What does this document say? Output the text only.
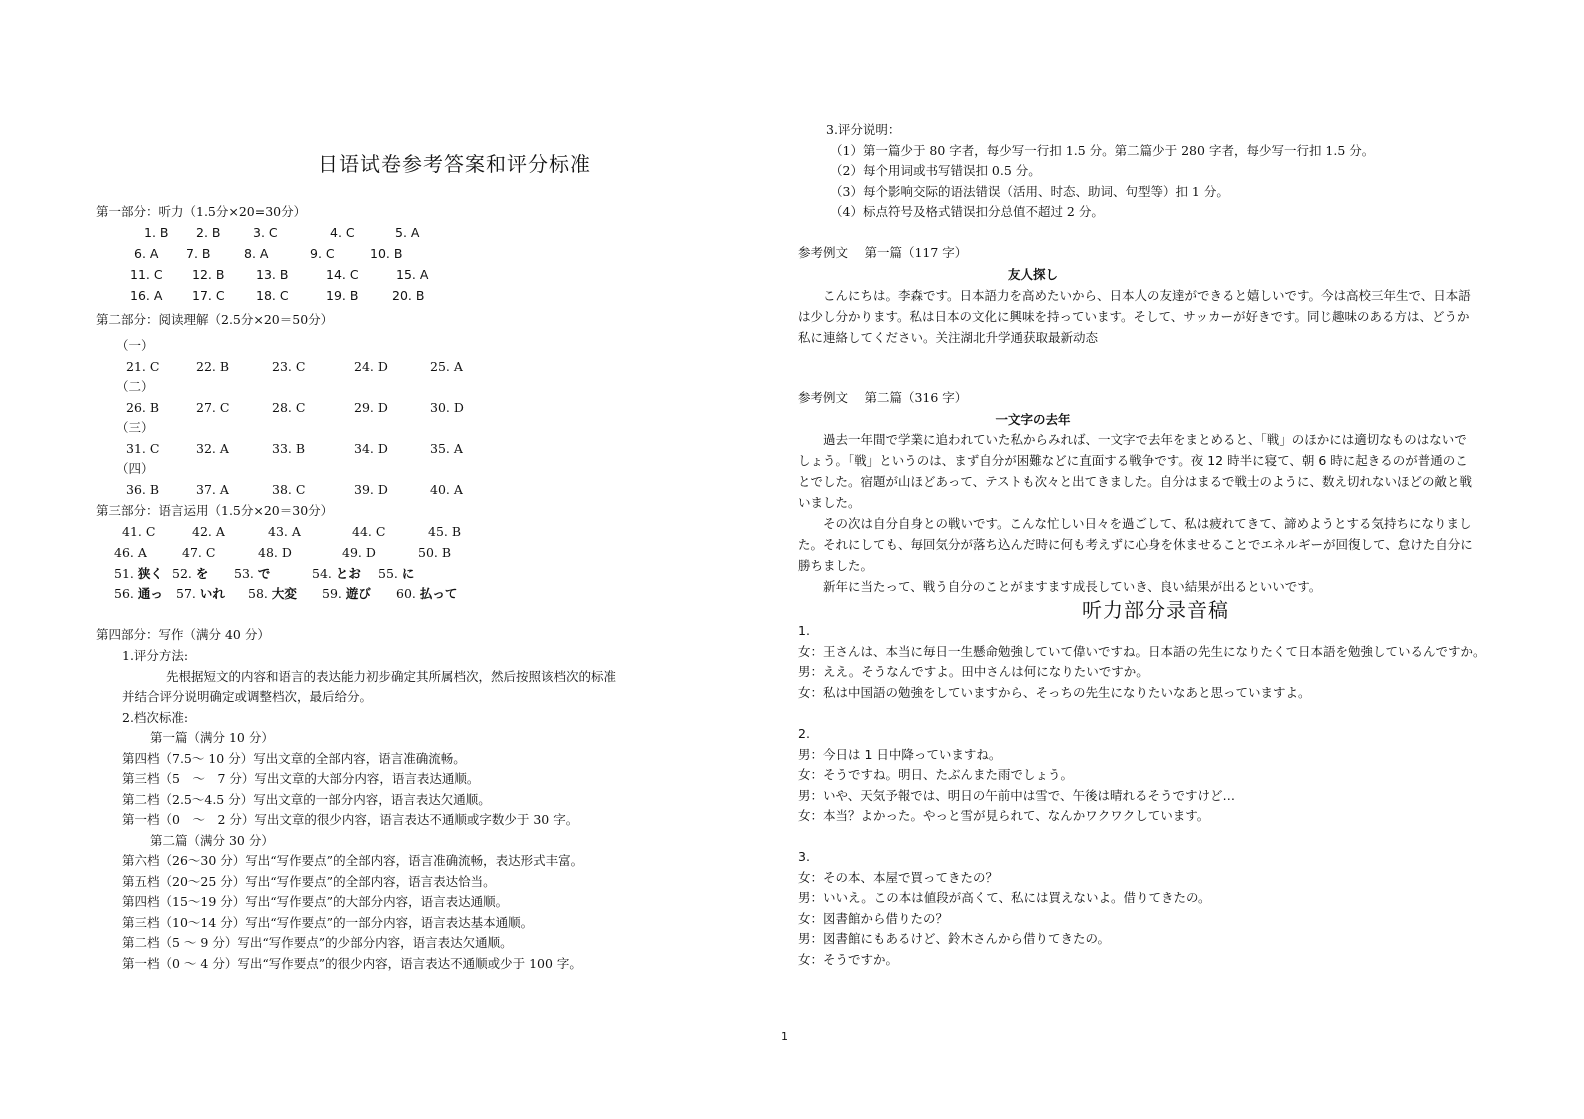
日语试卷参考答案和评分标准
第一部分：听力（1.5分×20=30分）
1. B 2. B	3. C	4. C	5. A
6. A 7. B	8. A	9. C	10. B
11. C 12. B	13. B	14. C	15. A
16. A 17. C	18. C	19. B	20. B
第二部分：阅读理解（2.5分×20＝50分）
（一）
21. C	22. B	23. C	24. D	25. A
（二）
26. B	27. C	28. C	29. D	30. D
（三）
31. C	32. A	33. B	34. D	35. A
（四）
36. B	37. A	38. C	39. D	40. A
第三部分：语言运用（1.5分×20＝30分）
41. C	42. A	43. A	44. C	45. B
46. A	47. C	48. D	49. D	50. B
51. 狭く 52. を 53. で	54. とお 55. に
56. 通っ 57. いれ 58. 大変 59. 遊び 60. 払って
第四部分：写作（满分 40 分）
1.评分方法:
先根据短文的内容和语言的表达能力初步确定其所属档次，然后按照该档次的标准
并结合评分说明确定或调整档次，最后给分。
2.档次标准:
第一篇（满分 10 分）
第四档（7.5～ 10 分）写出文章的全部内容，语言准确流畅。
第三档（5　～　7 分）写出文章的大部分内容，语言表达通顺。
第二档（2.5～4.5 分）写出文章的一部分内容，语言表达欠通顺。
第一档（0　～　2 分）写出文章的很少内容，语言表达不通顺或字数少于 30 字。
第二篇（满分 30 分）
第六档（26～30 分）写出“写作要点”的全部内容，语言准确流畅，表达形式丰富。
第五档（20～25 分）写出“写作要点”的全部内容，语言表达恰当。
第四档（15～19 分）写出“写作要点”的大部分内容，语言表达通顺。
第三档（10～14 分）写出“写作要点”的一部分内容，语言表达基本通顺。
第二档（5 ～ 9 分）写出“写作要点”的少部分内容，语言表达欠通顺。
第一档（0 ～ 4 分）写出“写作要点”的很少内容，语言表达不通顺或少于 100 字。
3.评分说明：
（1）第一篇少于 80 字者，每少写一行扣 1.5 分。第二篇少于 280 字者，每少写一行扣 1.5 分。
（2）每个用词或书写错误扣 0.5 分。
（3）每个影响交际的语法错误（活用、时态、助词、句型等）扣 1 分。
（4）标点符号及格式错误扣分总值不超过 2 分。
参考例文　 第一篇（117 字）
友人探し
こんにちは。李森です。日本語力を高めたいから、日本人の友達ができると嬉しいです。今は高校三年生で、日本語は少し分かります。私は日本の文化に興味を持っています。そして、サッカーが好きです。同じ趣味のある方は、どうか私に連絡してください。关注湖北升学通获取最新动态
参考例文　 第二篇（316 字）
一文字の去年
過去一年間で学業に追われていた私からみれば、一文字で去年をまとめると、「戦」のほかには適切なものはないでしょう。「戦」というのは、まず自分が困難などに直面する戦争です。夜 12 時半に寝て、朝 6 時に起きるのが普通のことでした。宿題が山ほどあって、テストも次々と出てきました。自分はまるで戦士のように、数え切れないほどの敵と戦いました。
その次は自分自身との戦いです。こんな忙しい日々を過ごして、私は疲れてきて、諦めようとする気持ちになりました。それにしても、毎回気分が落ち込んだ時に何も考えずに心身を休ませることでエネルギーが回復して、怠けた自分に勝ちました。
新年に当たって、戦う自分のことがますます成長していき、良い結果が出るといいです。
听力部分录音稿
1.
女：王さんは、本当に毎日一生懸命勉強していて偉いですね。日本語の先生になりたくて日本語を勉強しているんですか。
男：ええ。そうなんですよ。田中さんは何になりたいですか。
女：私は中国語の勉強をしていますから、そっちの先生になりたいなあと思っていますよ。
2.
男：今日は 1 日中降っていますね。
女：そうですね。明日、たぶんまた雨でしょう。
男：いや、天気予報では、明日の午前中は雪で、午後は晴れるそうですけど…
女：本当？よかった。やっと雪が見られて、なんかワクワクしています。
3.
女：その本、本屋で買ってきたの？
男：いいえ。この本は値段が高くて、私には買えないよ。借りてきたの。
女：図書館から借りたの？
男：図書館にもあるけど、鈴木さんから借りてきたの。
女：そうですか。
1
